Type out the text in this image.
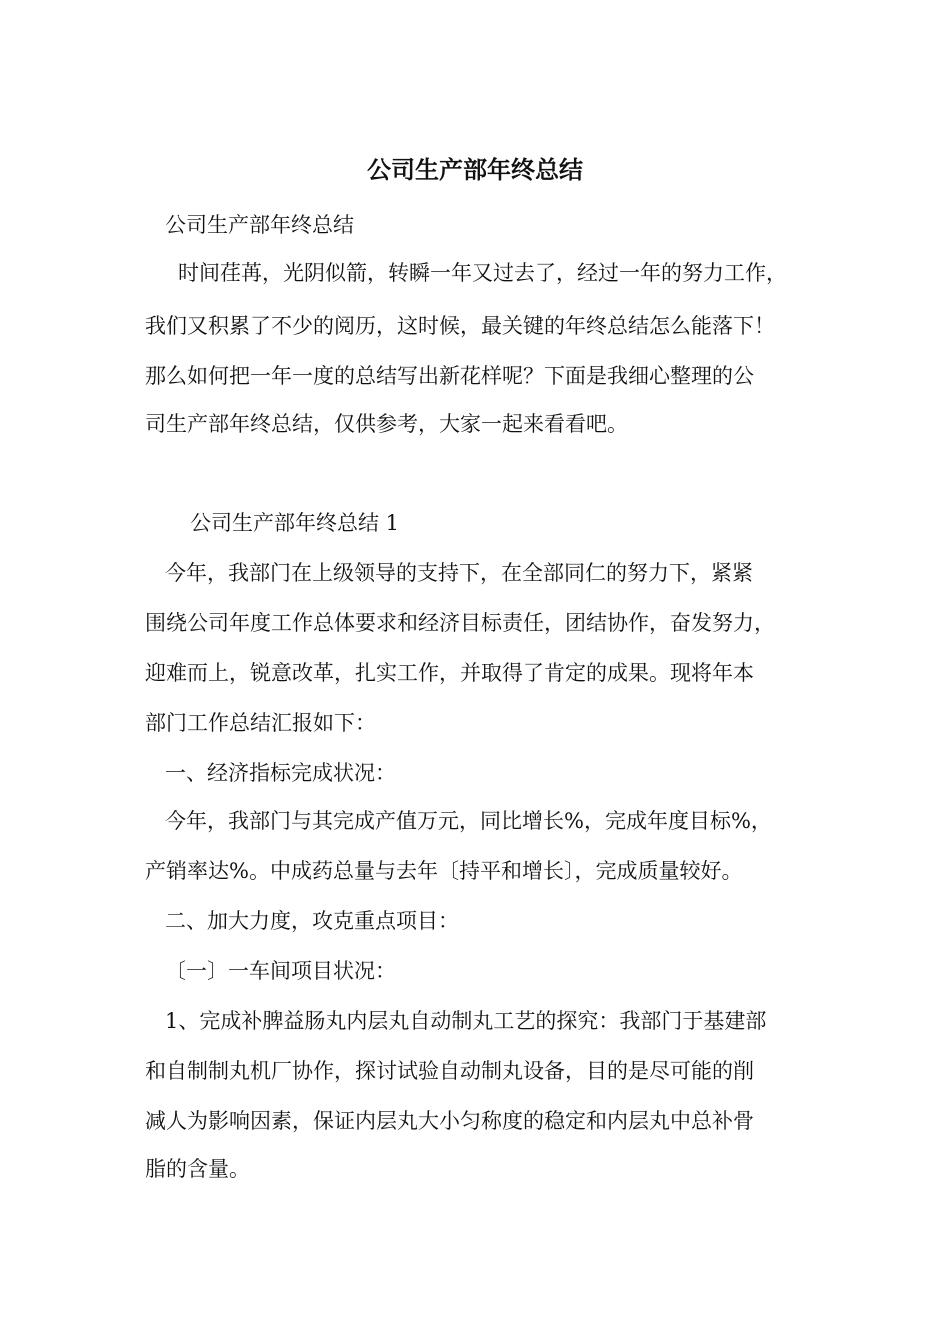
公司生产部年终总结
公司生产部年终总结
时间荏苒，光阴似箭，转瞬一年又过去了，经过一年的努力工作，
我们又积累了不少的阅历，这时候，最关键的年终总结怎么能落下！
那么如何把一年一度的总结写出新花样呢？下面是我细心整理的公
司生产部年终总结，仅供参考，大家一起来看看吧。
公司生产部年终总结 1
今年，我部门在上级领导的支持下，在全部同仁的努力下，紧紧
围绕公司年度工作总体要求和经济目标责任，团结协作，奋发努力，
迎难而上，锐意改革，扎实工作，并取得了肯定的成果。现将年本
部门工作总结汇报如下：
一、经济指标完成状况：
今年，我部门与其完成产值万元，同比增长%，完成年度目标%，
产销率达%。中成药总量与去年〔持平和增长〕，完成质量较好。
二、加大力度，攻克重点项目：
〔一〕一车间项目状况：
1、完成补脾益肠丸内层丸自动制丸工艺的探究：我部门于基建部
和自制制丸机厂协作，探讨试验自动制丸设备，目的是尽可能的削
减人为影响因素，保证内层丸大小匀称度的稳定和内层丸中总补骨
脂的含量。
